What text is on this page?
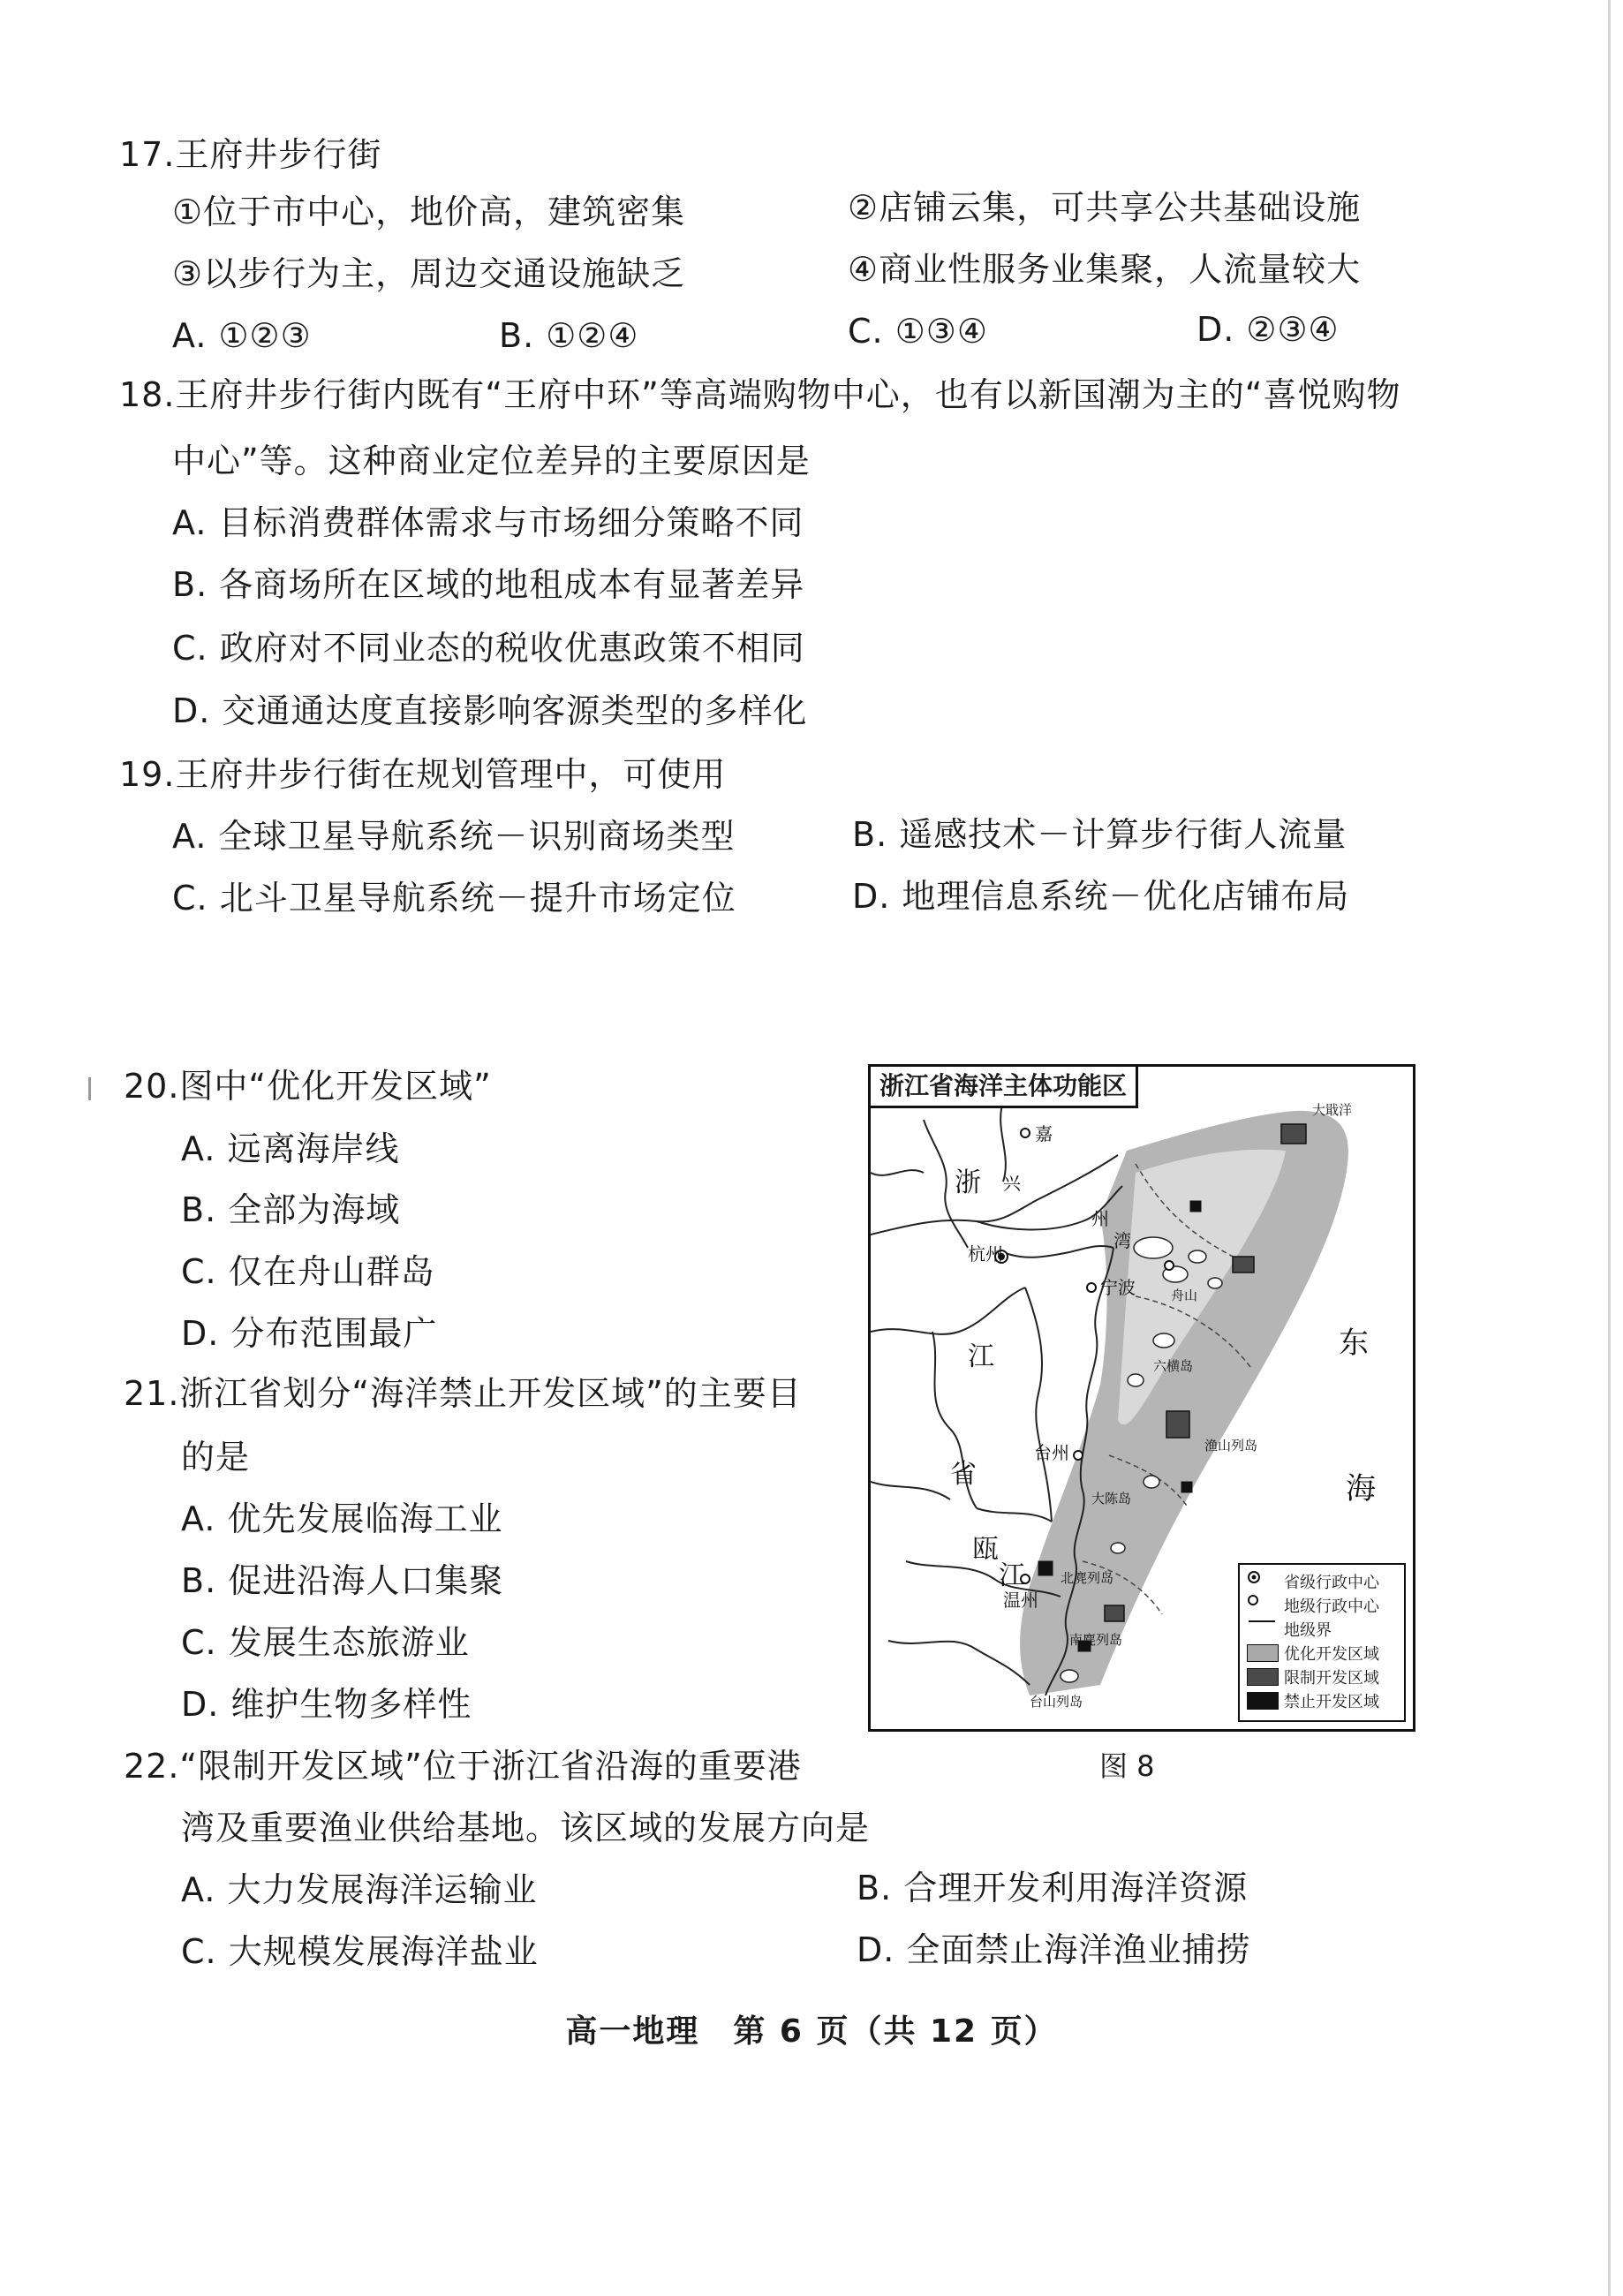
17.王府井步行街
①位于市中心，地价高，建筑密集	②店铺云集，可共享公共基础设施
③以步行为主，周边交通设施缺乏	④商业性服务业集聚，人流量较大
A. ①②③	B. ①②④	C. ①③④	D. ②③④
18.王府井步行街内既有“王府中环”等高端购物中心，也有以新国潮为主的“喜悦购物
中心”等。这种商业定位差异的主要原因是
A. 目标消费群体需求与市场细分策略不同
B. 各商场所在区域的地租成本有显著差异
C. 政府对不同业态的税收优惠政策不相同
D. 交通通达度直接影响客源类型的多样化
19.王府井步行街在规划管理中，可使用
A. 全球卫星导航系统－识别商场类型	B. 遥感技术－计算步行街人流量
C. 北斗卫星导航系统－提升市场定位	D. 地理信息系统－优化店铺布局
20.图中“优化开发区域”
A. 远离海岸线
B. 全部为海域
C. 仅在舟山群岛
D. 分布范围最广
21.浙江省划分“海洋禁止开发区域”的主要目
的是
A. 优先发展临海工业
B. 促进沿海人口集聚
C. 发展生态旅游业
D. 维护生物多样性
22.“限制开发区域”位于浙江省沿海的重要港
湾及重要渔业供给基地。该区域的发展方向是
A. 大力发展海洋运输业	B. 合理开发利用海洋资源
C. 大规模发展海洋盐业	D. 全面禁止海洋渔业捕捞
浙江省海洋主体功能区
浙
江
省
瓯
江
嘉
兴
杭州
宁波
台州
温州
州
湾
大戢洋
舟山
六横岛
渔山列岛
大陈岛
北麂列岛
南麂列岛
台山列岛
东
海
省级行政中心
地级行政中心
地级界
优化开发区域
限制开发区域
禁止开发区域
图 8
高一地理　第 6 页（共 12 页）
